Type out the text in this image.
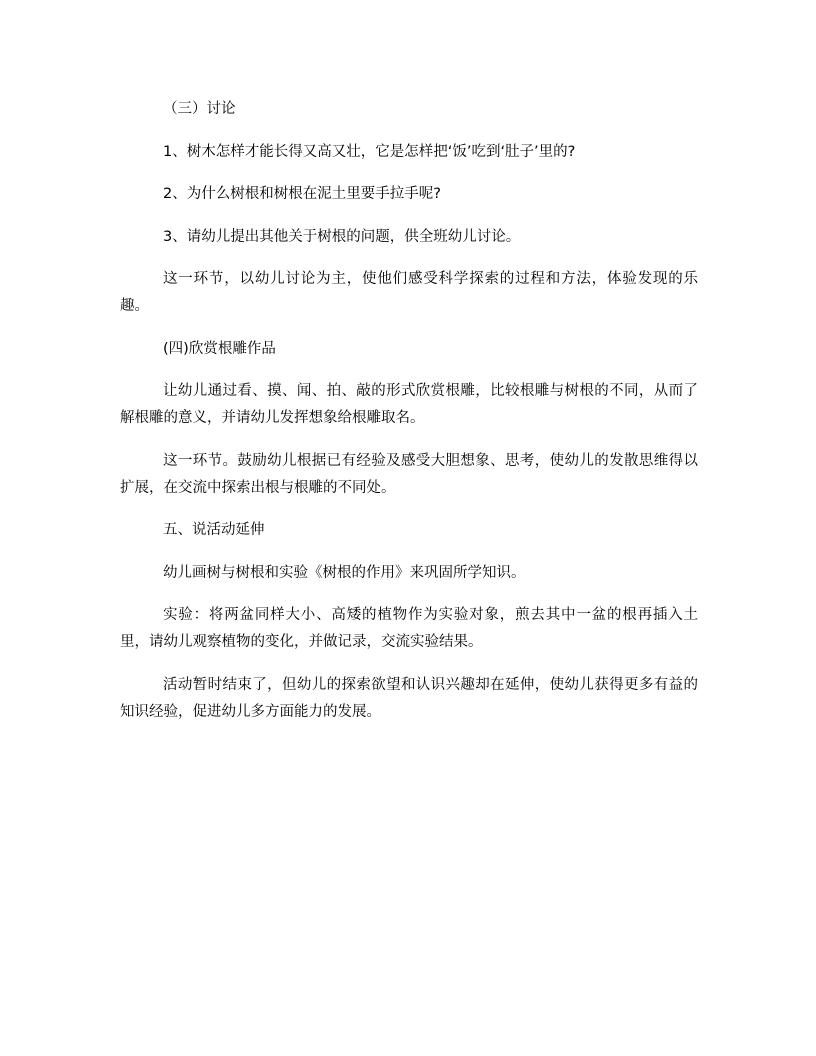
（三）讨论

1、树木怎样才能长得又高又壮，它是怎样把‘饭’吃到‘肚子’里的?

2、为什么树根和树根在泥土里要手拉手呢?

3、请幼儿提出其他关于树根的问题，供全班幼儿讨论。

这一环节，以幼儿讨论为主，使他们感受科学探索的过程和方法，体验发现的乐趣。

(四)欣赏根雕作品

让幼儿通过看、摸、闻、拍、敲的形式欣赏根雕，比较根雕与树根的不同，从而了解根雕的意义，并请幼儿发挥想象给根雕取名。

这一环节。鼓励幼儿根据已有经验及感受大胆想象、思考，使幼儿的发散思维得以扩展，在交流中探索出根与根雕的不同处。

五、说活动延伸

幼儿画树与树根和实验《树根的作用》来巩固所学知识。

实验：将两盆同样大小、高矮的植物作为实验对象，煎去其中一盆的根再插入土里，请幼儿观察植物的变化，并做记录，交流实验结果。

活动暂时结束了，但幼儿的探索欲望和认识兴趣却在延伸，使幼儿获得更多有益的知识经验，促进幼儿多方面能力的发展。
